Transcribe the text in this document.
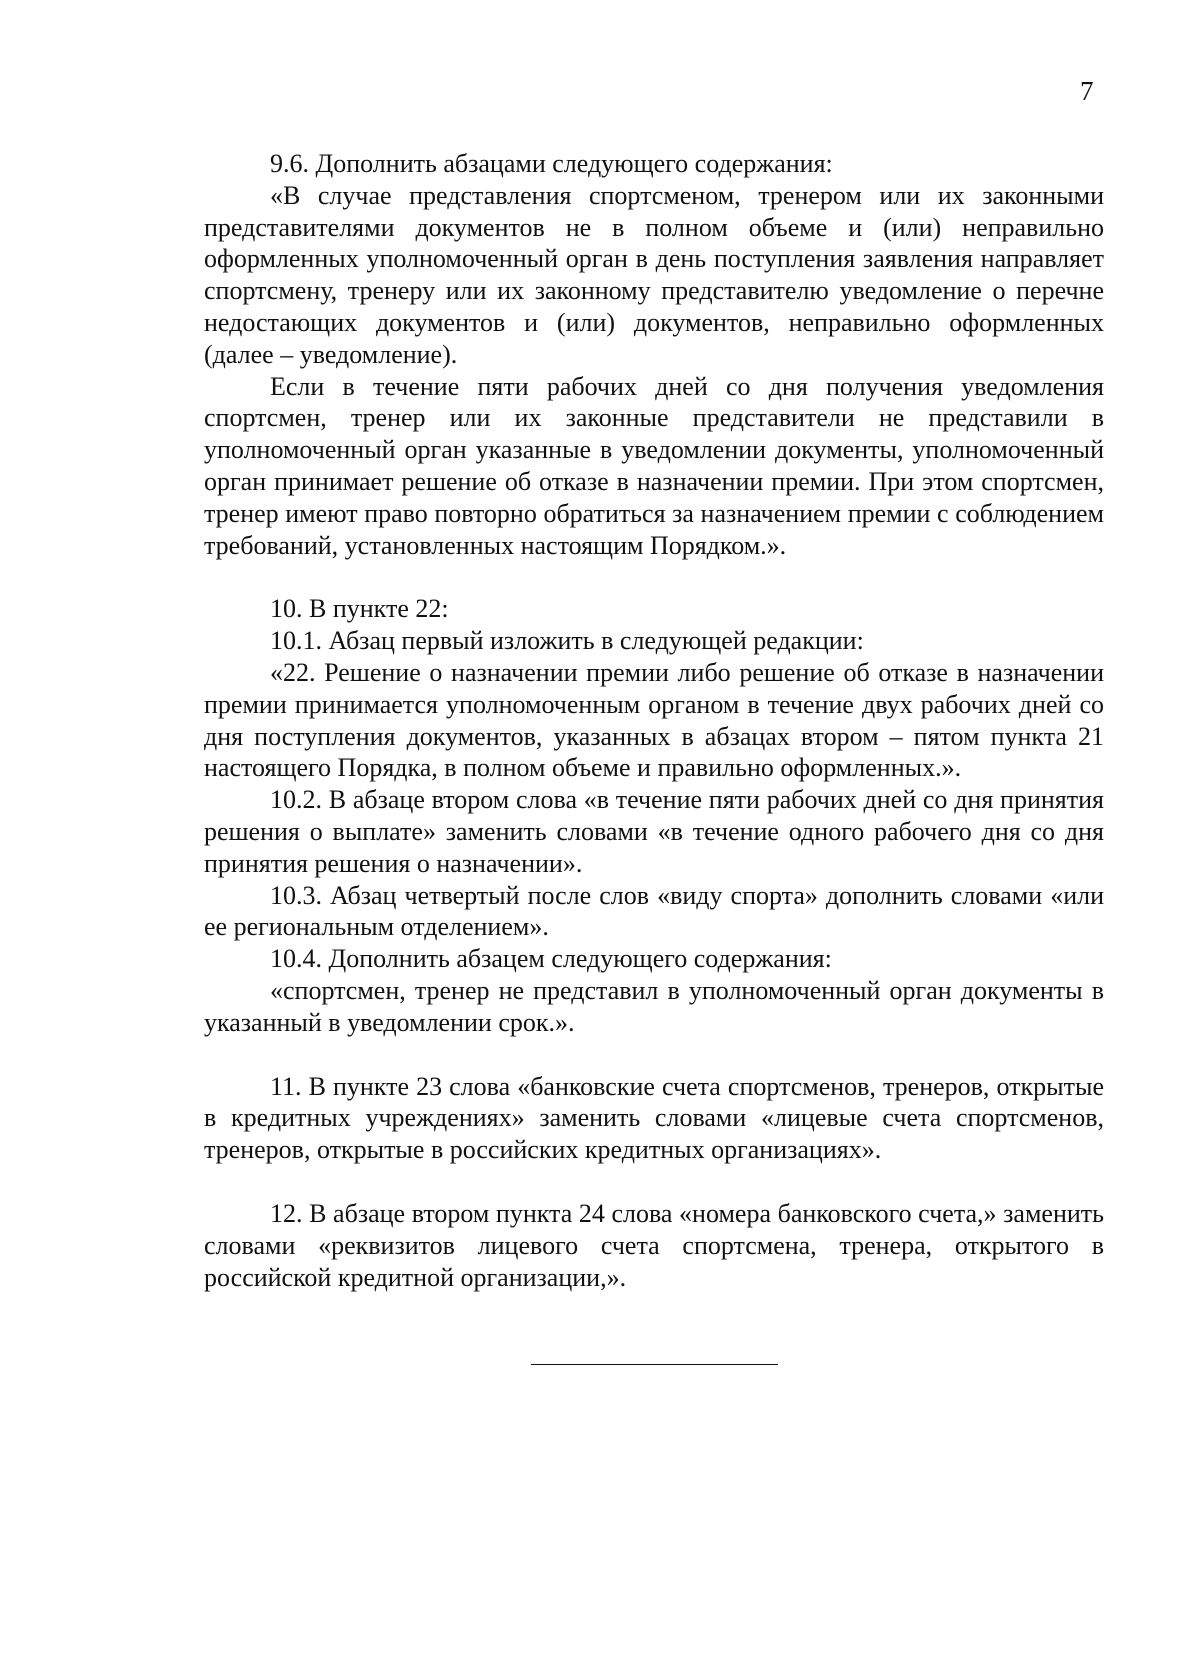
7

9.6. Дополнить абзацами следующего содержания:

«В случае представления спортсменом, тренером или их законными представителями документов не в полном объеме и (или) неправильно оформленных уполномоченный орган в день поступления заявления направляет спортсмену, тренеру или их законному представителю уведомление о перечне недостающих документов и (или) документов, неправильно оформленных (далее – уведомление).

Если в течение пяти рабочих дней со дня получения уведомления спортсмен, тренер или их законные представители не представили в уполномоченный орган указанные в уведомлении документы, уполномоченный орган принимает решение об отказе в назначении премии. При этом спортсмен, тренер имеют право повторно обратиться за назначением премии с соблюдением требований, установленных настоящим Порядком.».

10. В пункте 22:

10.1. Абзац первый изложить в следующей редакции:

«22. Решение о назначении премии либо решение об отказе в назначении премии принимается уполномоченным органом в течение двух рабочих дней со дня поступления документов, указанных в абзацах втором – пятом пункта 21 настоящего Порядка, в полном объеме и правильно оформленных.».

10.2. В абзаце втором слова «в течение пяти рабочих дней со дня принятия решения о выплате» заменить словами «в течение одного рабочего дня со дня принятия решения о назначении».

10.3. Абзац четвертый после слов «виду спорта» дополнить словами «или ее региональным отделением».

10.4. Дополнить абзацем следующего содержания:

«спортсмен, тренер не представил в уполномоченный орган документы в указанный в уведомлении срок.».

11. В пункте 23 слова «банковские счета спортсменов, тренеров, открытые в кредитных учреждениях» заменить словами «лицевые счета спортсменов, тренеров, открытые в российских кредитных организациях».

12. В абзаце втором пункта 24 слова «номера банковского счета,» заменить словами «реквизитов лицевого счета спортсмена, тренера, открытого в российской кредитной организации,».
